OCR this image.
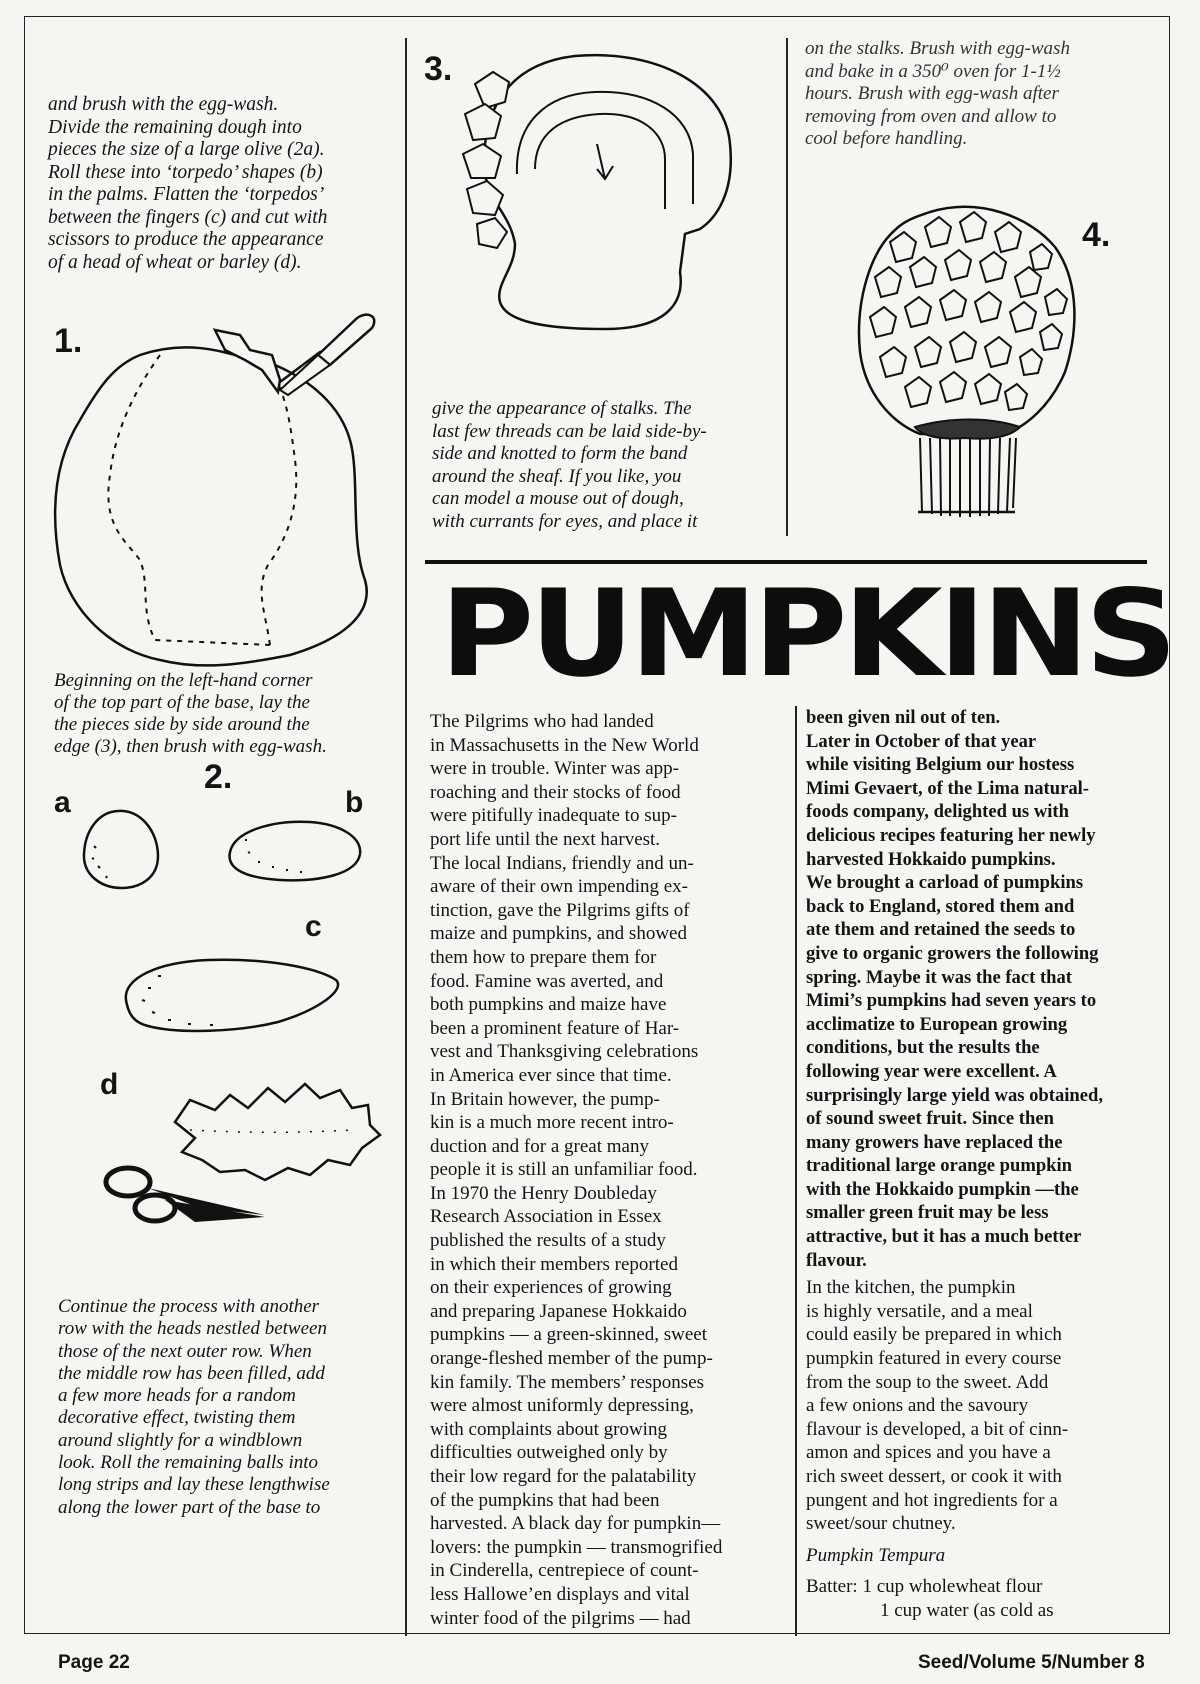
and brush with the egg-wash.
Divide the remaining dough into
pieces the size of a large olive (2a).
Roll these into ‘torpedo’ shapes (b)
in the palms. Flatten the ‘torpedos’
between the fingers (c) and cut with
scissors to produce the appearance
of a head of wheat or barley (d).
1.
Beginning on the left-hand corner
of the top part of the base, lay the
the pieces side by side around the
edge (3), then brush with egg-wash.
2.
a	b
c
d
Continue the process with another
row with the heads nestled between
those of the next outer row. When
the middle row has been filled, add
a few more heads for a random
decorative effect, twisting them
around slightly for a windblown
look. Roll the remaining balls into
long strips and lay these lengthwise
along the lower part of the base to
3.
give the appearance of stalks. The
last few threads can be laid side-by-
side and knotted to form the band
around the sheaf. If you like, you
can model a mouse out of dough,
with currants for eyes, and place it
on the stalks. Brush with egg-wash
and bake in a 350⁰ oven for 1-1½
hours. Brush with egg-wash after
removing from oven and allow to
cool before handling.
4.
PUMPKINS
The Pilgrims who had landed
in Massachusetts in the New World
were in trouble. Winter was app-
roaching and their stocks of food
were pitifully inadequate to sup-
port life until the next harvest.
The local Indians, friendly and un-
aware of their own impending ex-
tinction, gave the Pilgrims gifts of
maize and pumpkins, and showed
them how to prepare them for
food. Famine was averted, and
both pumpkins and maize have
been a prominent feature of Har-
vest and Thanksgiving celebrations
in America ever since that time.
In Britain however, the pump-
kin is a much more recent intro-
duction and for a great many
people it is still an unfamiliar food.
In 1970 the Henry Doubleday
Research Association in Essex
published the results of a study
in which their members reported
on their experiences of growing
and preparing Japanese Hokkaido
pumpkins — a green-skinned, sweet
orange-fleshed member of the pump-
kin family. The members’ responses
were almost uniformly depressing,
with complaints about growing
difficulties outweighed only by
their low regard for the palatability
of the pumpkins that had been
harvested. A black day for pumpkin—
lovers: the pumpkin — transmogrified
in Cinderella, centrepiece of count-
less Hallowe’en displays and vital
winter food of the pilgrims — had
been given nil out of ten.
Later in October of that year
while visiting Belgium our hostess
Mimi Gevaert, of the Lima natural-
foods company, delighted us with
delicious recipes featuring her newly
harvested Hokkaido pumpkins.
We brought a carload of pumpkins
back to England, stored them and
ate them and retained the seeds to
give to organic growers the following
spring. Maybe it was the fact that
Mimi’s pumpkins had seven years to
acclimatize to European growing
conditions, but the results the
following year were excellent. A
surprisingly large yield was obtained,
of sound sweet fruit. Since then
many growers have replaced the
traditional large orange pumpkin
with the Hokkaido pumpkin —the
smaller green fruit may be less
attractive, but it has a much better
flavour.
In the kitchen, the pumpkin
is highly versatile, and a meal
could easily be prepared in which
pumpkin featured in every course
from the soup to the sweet. Add
a few onions and the savoury
flavour is developed, a bit of cinn-
amon and spices and you have a
rich sweet dessert, or cook it with
pungent and hot ingredients for a
sweet/sour chutney.
Pumpkin Tempura
Batter: 1 cup wholewheat flour
1 cup water (as cold as
Page 22	Seed/Volume 5/Number 8
